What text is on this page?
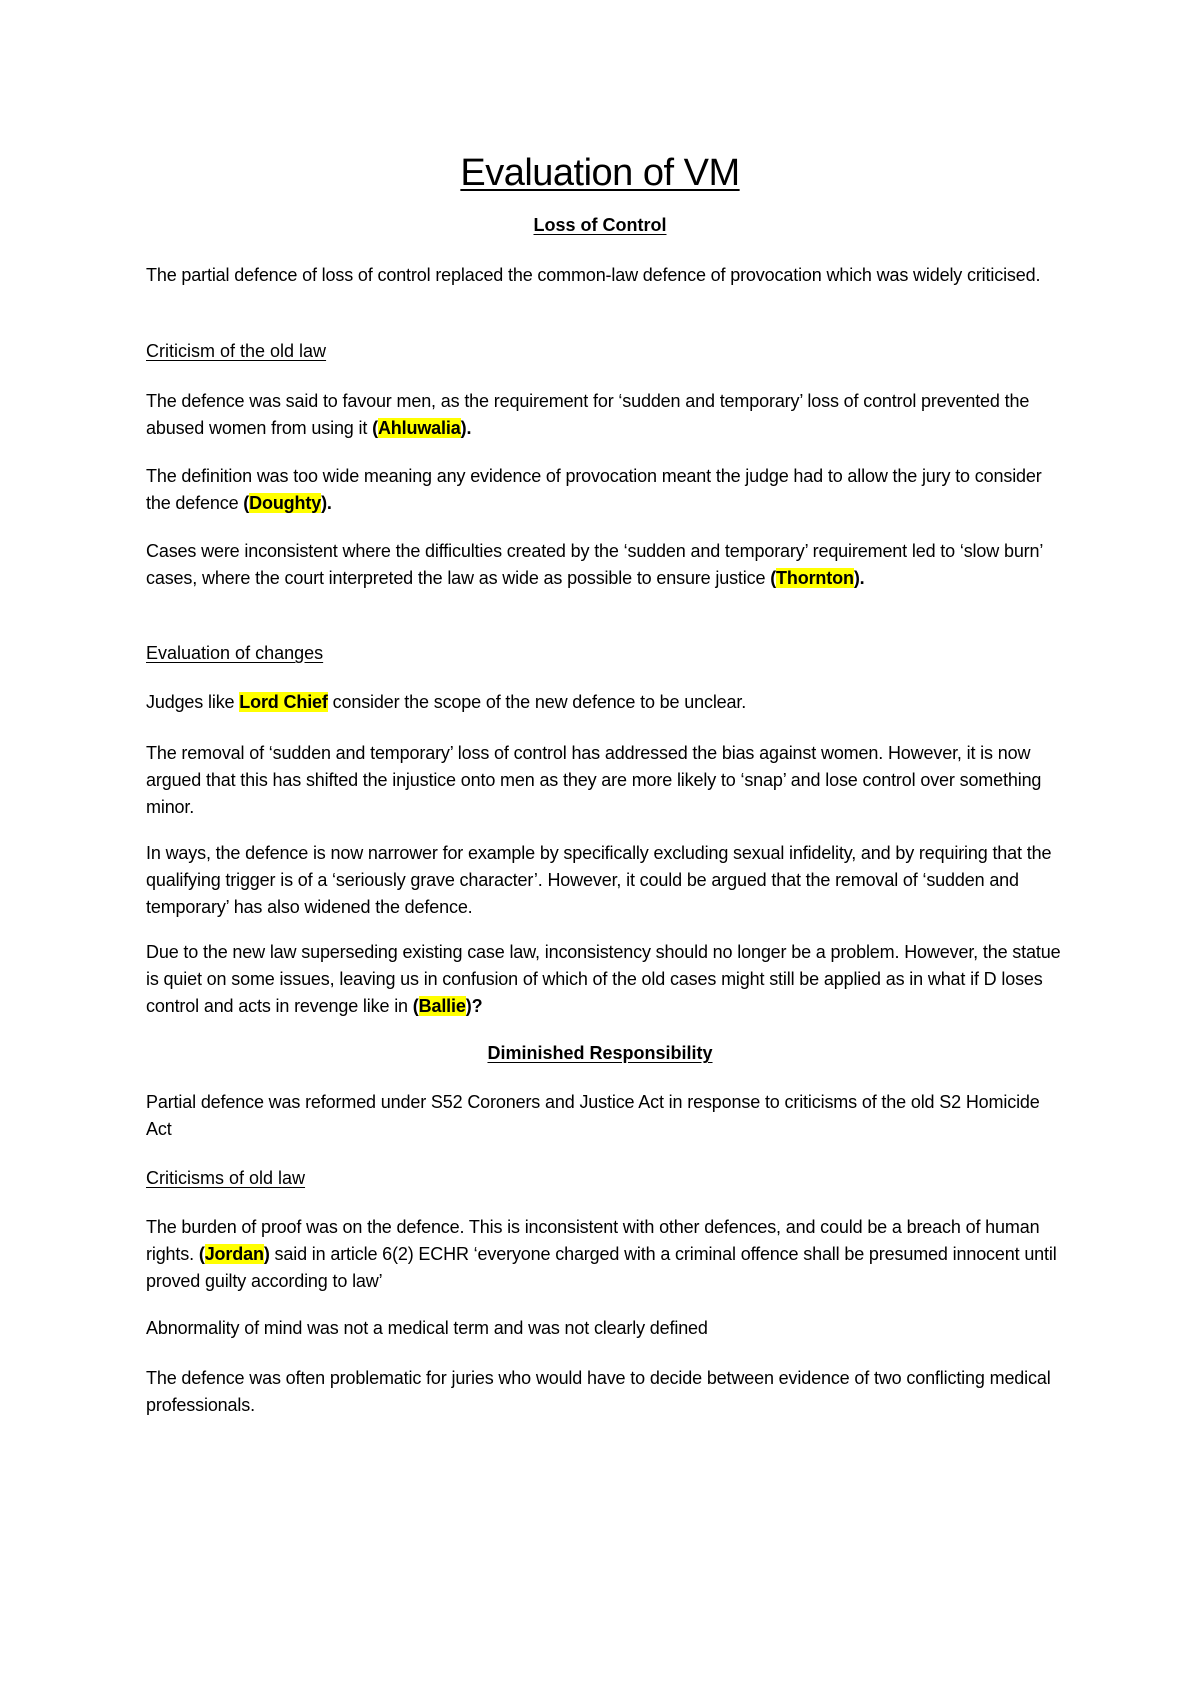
Evaluation of VM
Loss of Control
The partial defence of loss of control replaced the common-law defence of provocation which was widely criticised.
Criticism of the old law
The defence was said to favour men, as the requirement for ‘sudden and temporary’ loss of control prevented the abused women from using it (Ahluwalia).
The definition was too wide meaning any evidence of provocation meant the judge had to allow the jury to consider the defence (Doughty).
Cases were inconsistent where the difficulties created by the ‘sudden and temporary’ requirement led to ‘slow burn’ cases, where the court interpreted the law as wide as possible to ensure justice (Thornton).
Evaluation of changes
Judges like Lord Chief consider the scope of the new defence to be unclear.
The removal of ‘sudden and temporary’ loss of control has addressed the bias against women. However, it is now argued that this has shifted the injustice onto men as they are more likely to ‘snap’ and lose control over something minor.
In ways, the defence is now narrower for example by specifically excluding sexual infidelity, and by requiring that the qualifying trigger is of a ‘seriously grave character’. However, it could be argued that the removal of ‘sudden and temporary’ has also widened the defence.
Due to the new law superseding existing case law, inconsistency should no longer be a problem. However, the statue is quiet on some issues, leaving us in confusion of which of the old cases might still be applied as in what if D loses control and acts in revenge like in (Ballie)?
Diminished Responsibility
Partial defence was reformed under S52 Coroners and Justice Act in response to criticisms of the old S2 Homicide Act
Criticisms of old law
The burden of proof was on the defence. This is inconsistent with other defences, and could be a breach of human rights. (Jordan) said in article 6(2) ECHR ‘everyone charged with a criminal offence shall be presumed innocent until proved guilty according to law’
Abnormality of mind was not a medical term and was not clearly defined
The defence was often problematic for juries who would have to decide between evidence of two conflicting medical professionals.
